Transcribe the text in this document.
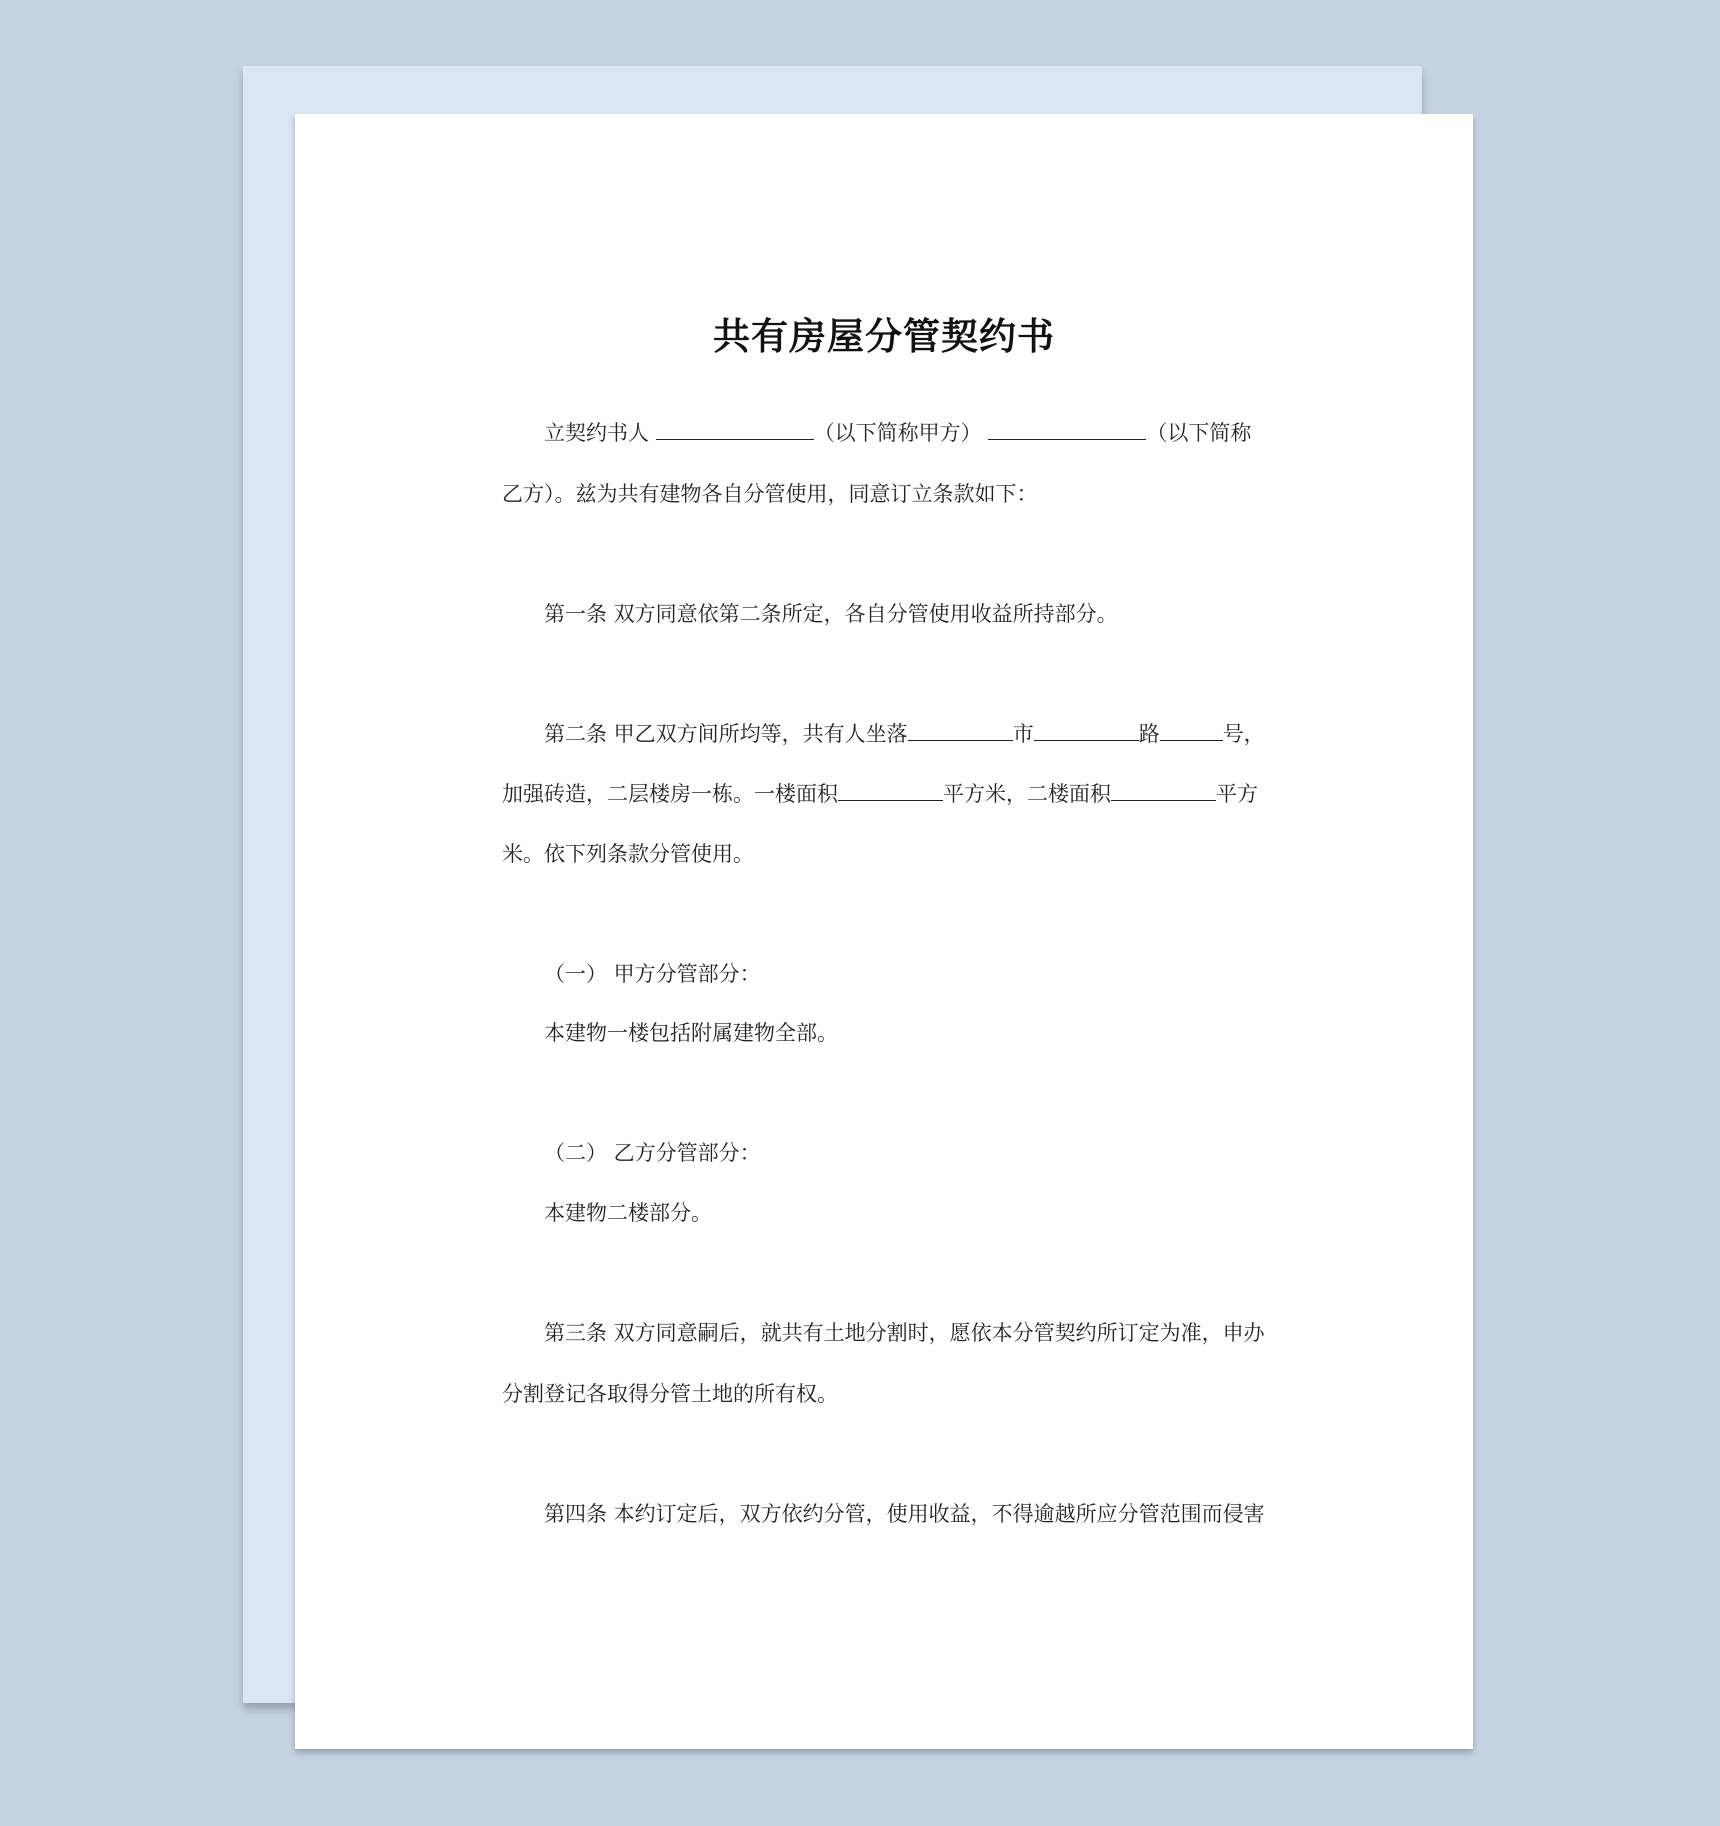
共有房屋分管契约书
立契约书人	（以下简称甲方）	（以下简称
乙方）。兹为共有建物各自分管使用，同意订立条款如下：
第一条 双方同意依第二条所定，各自分管使用收益所持部分。
第二条 甲乙双方间所均等，共有人坐落	市	路	号，
加强砖造，二层楼房一栋。一楼面积	平方米，二楼面积	平方
米。依下列条款分管使用。
（一） 甲方分管部分：
本建物一楼包括附属建物全部。
（二） 乙方分管部分：
本建物二楼部分。
第三条 双方同意嗣后，就共有土地分割时，愿依本分管契约所订定为准，申办
分割登记各取得分管土地的所有权。
第四条 本约订定后，双方依约分管，使用收益，不得逾越所应分管范围而侵害
